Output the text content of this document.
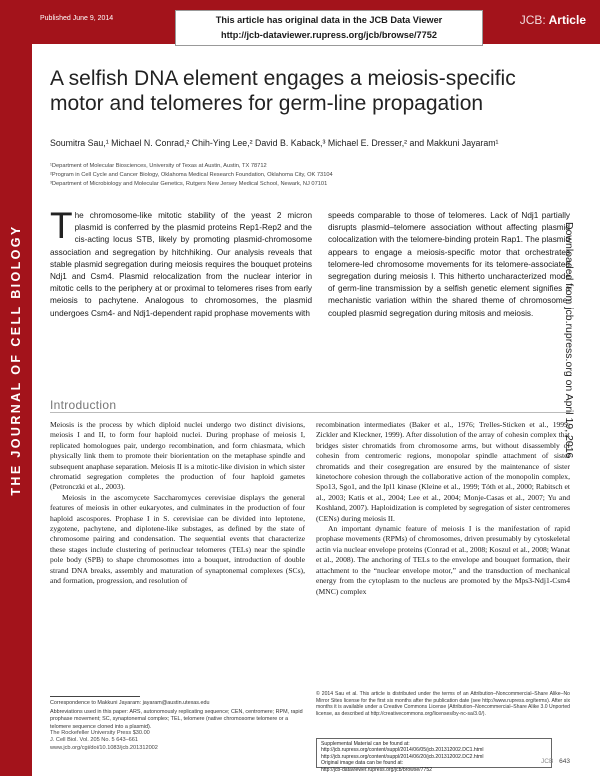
THE JOURNAL OF CELL BIOLOGY
Published June 9, 2014	JCB: Article
This article has original data in the JCB Data Viewer
http://jcb-dataviewer.rupress.org/jcb/browse/7752
A selfish DNA element engages a meiosis-specific
motor and telomeres for germ-line propagation
Soumitra Sau,¹ Michael N. Conrad,² Chih-Ying Lee,² David B. Kaback,³ Michael E. Dresser,² and Makkuni Jayaram¹
¹Department of Molecular Biosciences, University of Texas at Austin, Austin, TX 78712
²Program in Cell Cycle and Cancer Biology, Oklahoma Medical Research Foundation, Oklahoma City, OK 73104
³Department of Microbiology and Molecular Genetics, Rutgers New Jersey Medical School, Newark, NJ 07101
The chromosome-like mitotic stability of the yeast 2 micron plasmid is conferred by the plasmid proteins Rep1-Rep2 and the cis-acting locus STB, likely by promoting plasmid-chromosome association and segregation by hitchhiking. Our analysis reveals that stable plasmid segregation during meiosis requires the bouquet proteins Ndj1 and Csm4. Plasmid relocalization from the nuclear interior in mitotic cells to the periphery at or proximal to telomeres rises from early meiosis to pachytene. Analogous to chromosomes, the plasmid undergoes Csm4- and Ndj1-dependent rapid prophase movements with
speeds comparable to those of telomeres. Lack of Ndj1 partially disrupts plasmid–telomere association without affecting plasmid colocalization with the telomere-binding protein Rap1. The plasmid appears to engage a meiosis-specific motor that orchestrates telomere-led chromosome movements for its telomere-associated segregation during meiosis I. This hitherto uncharacterized mode of germ-line transmission by a selfish genetic element signifies a mechanistic variation within the shared theme of chromosome-coupled plasmid segregation during mitosis and meiosis.
Introduction

Meiosis is the process by which diploid nuclei undergo two distinct divisions, meiosis I and II, to form four haploid nuclei. During prophase of meiosis I, replicated homologues pair, undergo recombination, and form chiasmata, which physically link them to promote their biorientation on the metaphase spindle and subsequent anaphase separation. Meiosis II is a mitotic-like division in which sister chromatid segregation completes the production of four haploid gametes (Petronczki et al., 2003).

Meiosis in the ascomycete Saccharomyces cerevisiae displays the general features of meiosis in other eukaryotes, and culminates in the production of four haploid ascospores. Prophase I in S. cerevisiae can be divided into leptotene, zygotene, pachytene, and diplotene-like substages, as defined by the state of chromosome pairing and condensation. The sequential events that characterize these stages include clustering of perinuclear telomeres (TELs) near the spindle pole body (SPB) to shape chromosomes into a bouquet, introduction of double strand DNA breaks, assembly and maturation of synaptonemal complexes (SCs), and formation, progression, and resolution of

recombination intermediates (Baker et al., 1976; Trelles-Sticken et al., 1999; Zickler and Kleckner, 1999). After dissolution of the array of cohesin complex that bridges sister chromatids from chromosome arms, but without disassembly of cohesin from centromeric regions, monopolar spindle attachment of sister chromatids and their cosegregation are ensured by the maintenance of sister kinetochore cohesion through the collaborative action of the monopolin complex, Spo13, Sgo1, and the Ipl1 kinase (Kleine et al., 1999; Tóth et al., 2000; Rabitsch et al., 2003; Katis et al., 2004; Lee et al., 2004; Monje-Casas et al., 2007; Yu and Koshland, 2007). Haploidization is completed by segregation of sister centromeres (CENs) during meiosis II.

An important dynamic feature of meiosis I is the manifestation of rapid prophase movements (RPMs) of chromosomes, driven presumably by cytoskeletal actin via nuclear envelope proteins (Conrad et al., 2008; Koszul et al., 2008; Wanat et al., 2008). The anchoring of TELs to the envelope and bouquet formation, their attachment to the “nuclear envelope motor,” and the transduction of mechanical energy from the cytoplasm to the nucleus are promoted by the Mps3-Ndj1-Csm4 (MNC) complex

Correspondence to Makkuni Jayaram: jayaram@austin.utexas.edu
Abbreviations used in this paper: ARS, autonomously replicating sequence; CEN, centromere; RPM, rapid prophase movement; SC, synaptonemal complex; TEL, telomere (native chromosome telomere or a telomere sequence cloned into a plasmid).
The Rockefeller University Press $30.00
J. Cell Biol. Vol. 205 No. 5 643–661
www.jcb.org/cgi/doi/10.1083/jcb.201312002
© 2014 Sau et al. This article is distributed under the terms of an Attribution–Noncommercial–Share Alike–No Mirror Sites license for the first six months after the publication date (see http://www.rupress.org/terms). After six months it is available under a Creative Commons License (Attribution–Noncommercial–Share Alike 3.0 Unported license, as described at http://creativecommons.org/licenses/by-nc-sa/3.0/).
Supplemental Material can be found at:
http://jcb.rupress.org/content/suppl/2014/06/05/jcb.201312002.DC1.html
http://jcb.rupress.org/content/suppl/2014/06/20/jcb.201312002.DC2.html
Original image data can be found at:
http://jcb-dataviewer.rupress.org/jcb/browse/7752
JCB 643
Downloaded from jcb.rupress.org on April 19, 2016
